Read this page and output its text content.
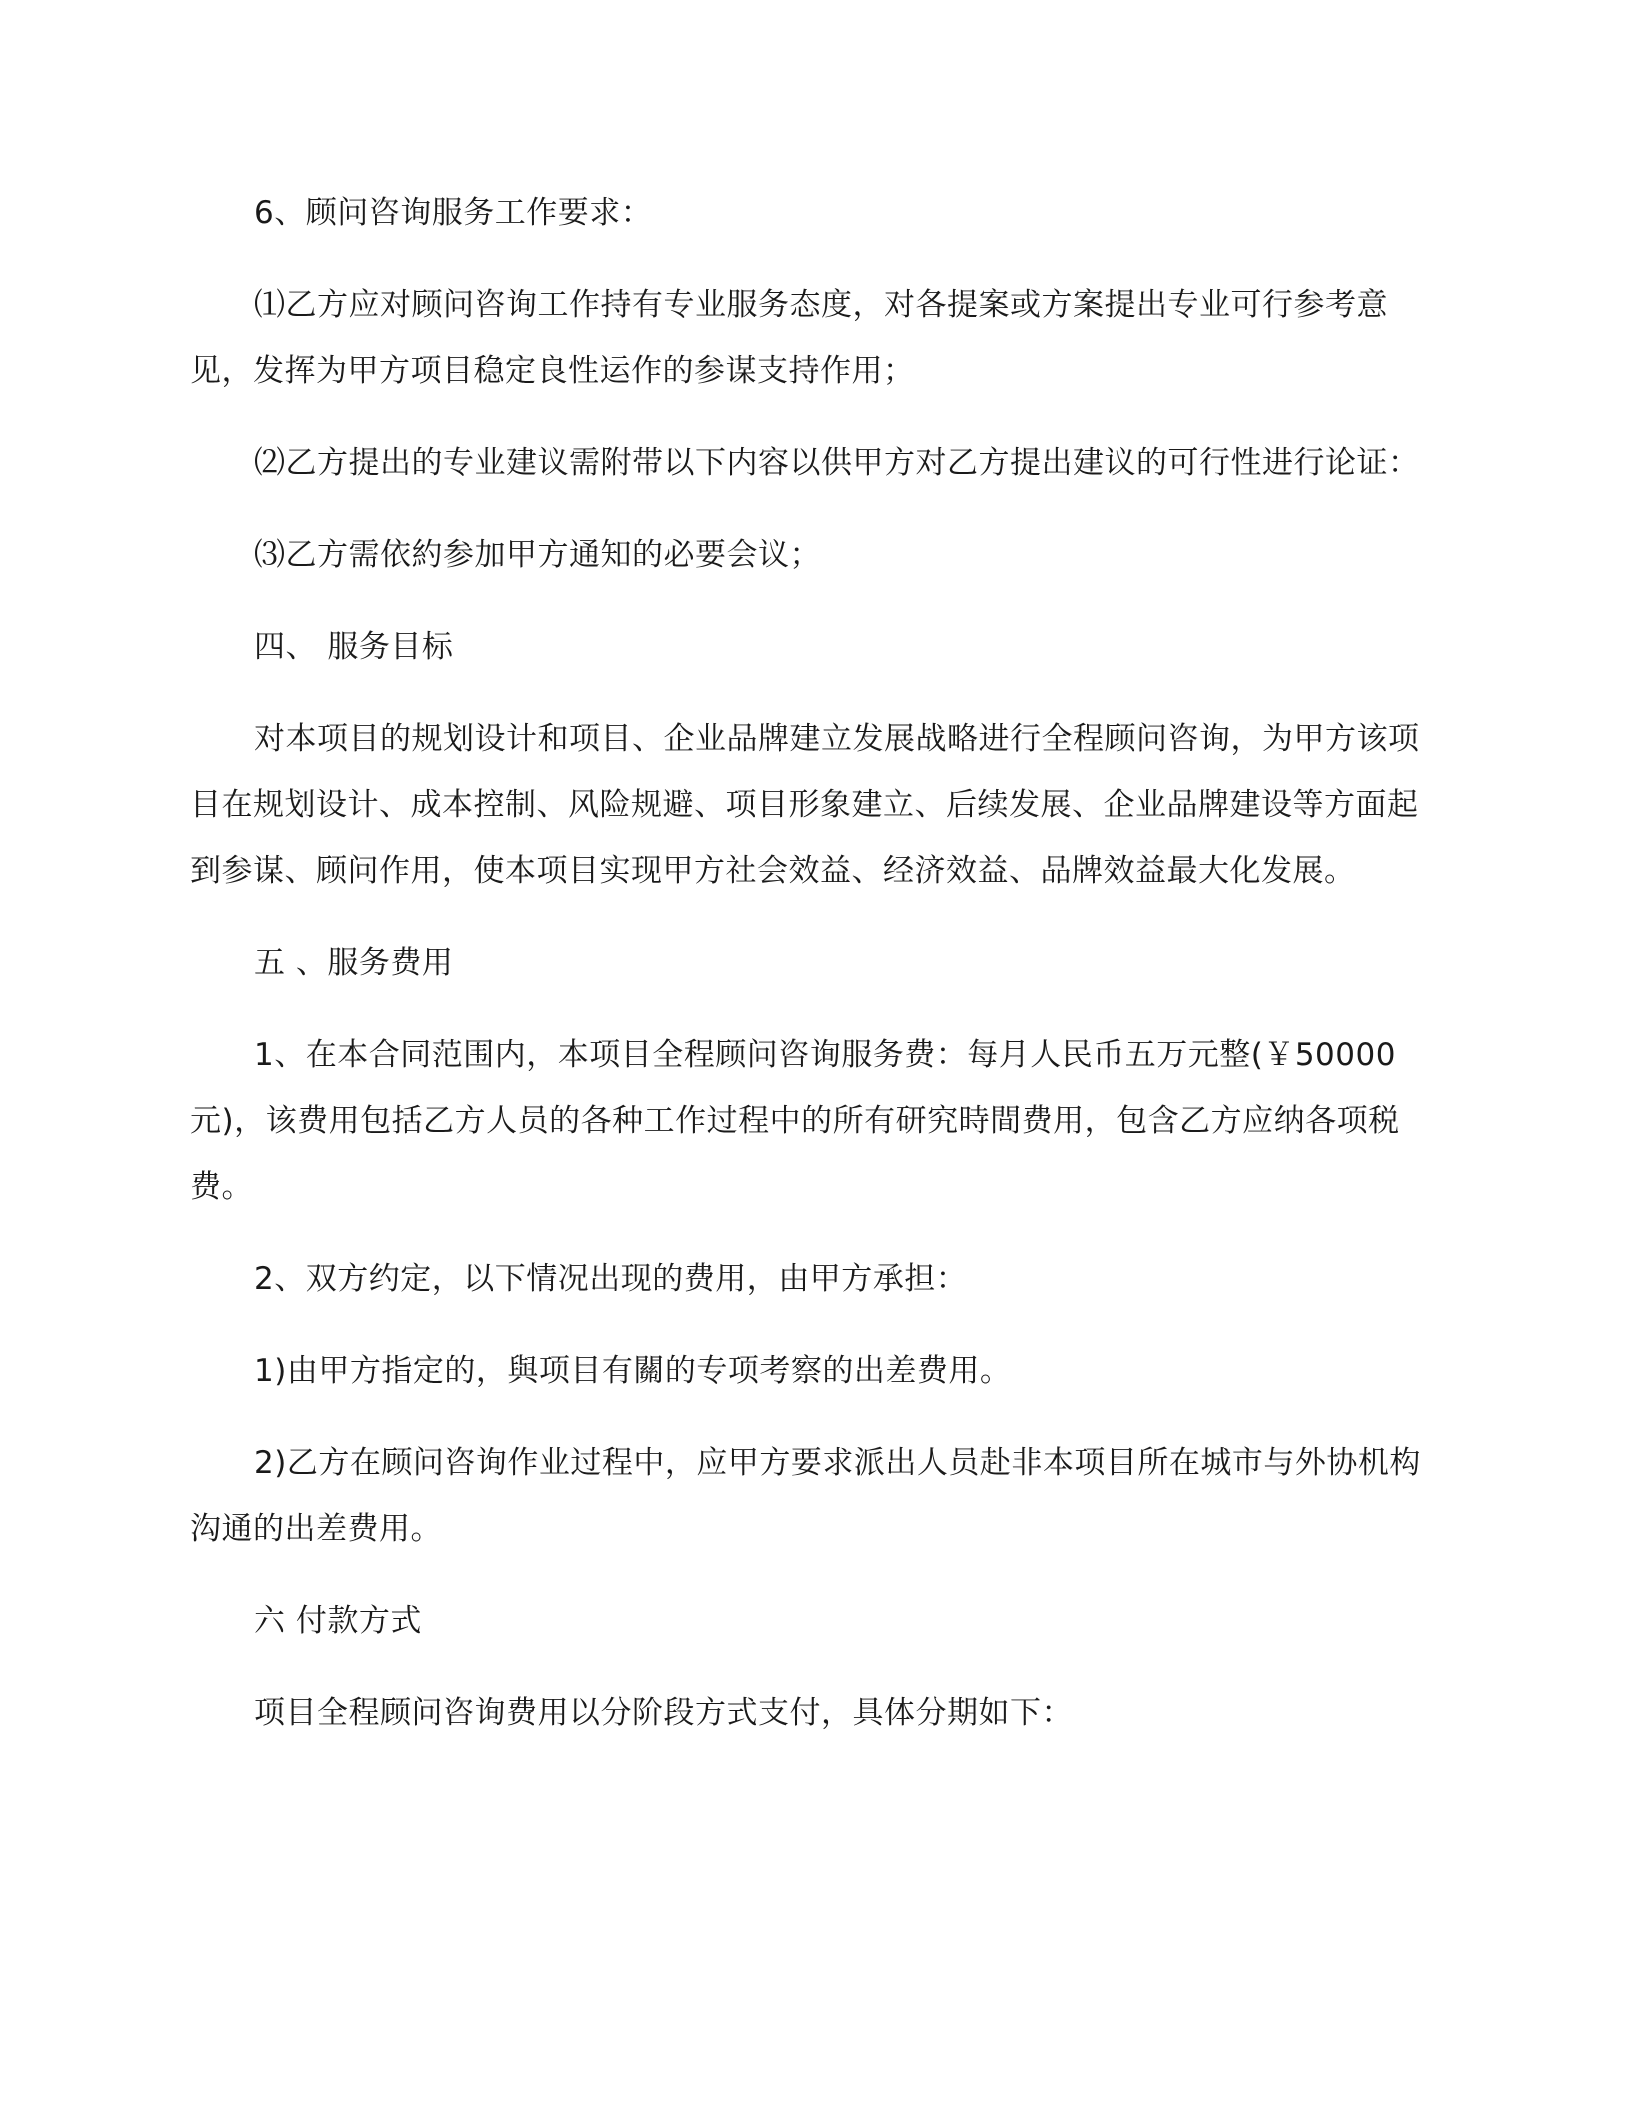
6、顾问咨询服务工作要求：

⑴乙方应对顾问咨询工作持有专业服务态度，对各提案或方案提出专业可行参考意见，发挥为甲方项目稳定良性运作的参谋支持作用；

⑵乙方提出的专业建议需附带以下内容以供甲方对乙方提出建议的可行性进行论证：

⑶乙方需依約参加甲方通知的必要会议；

四、 服务目标

对本项目的规划设计和项目、企业品牌建立发展战略进行全程顾问咨询，为甲方该项目在规划设计、成本控制、风险规避、项目形象建立、后续发展、企业品牌建设等方面起到参谋、顾问作用，使本项目实现甲方社会效益、经济效益、品牌效益最大化发展。

五 、服务费用

1、在本合同范围内，本项目全程顾问咨询服务费：每月人民币五万元整(￥50000元)，该费用包括乙方人员的各种工作过程中的所有研究時間费用，包含乙方应纳各项税费。

2、双方约定，以下情况出现的费用，由甲方承担：

1)由甲方指定的，與项目有關的专项考察的出差费用。

2)乙方在顾问咨询作业过程中，应甲方要求派出人员赴非本项目所在城市与外协机构沟通的出差费用。

六 付款方式

项目全程顾问咨询费用以分阶段方式支付，具体分期如下：
